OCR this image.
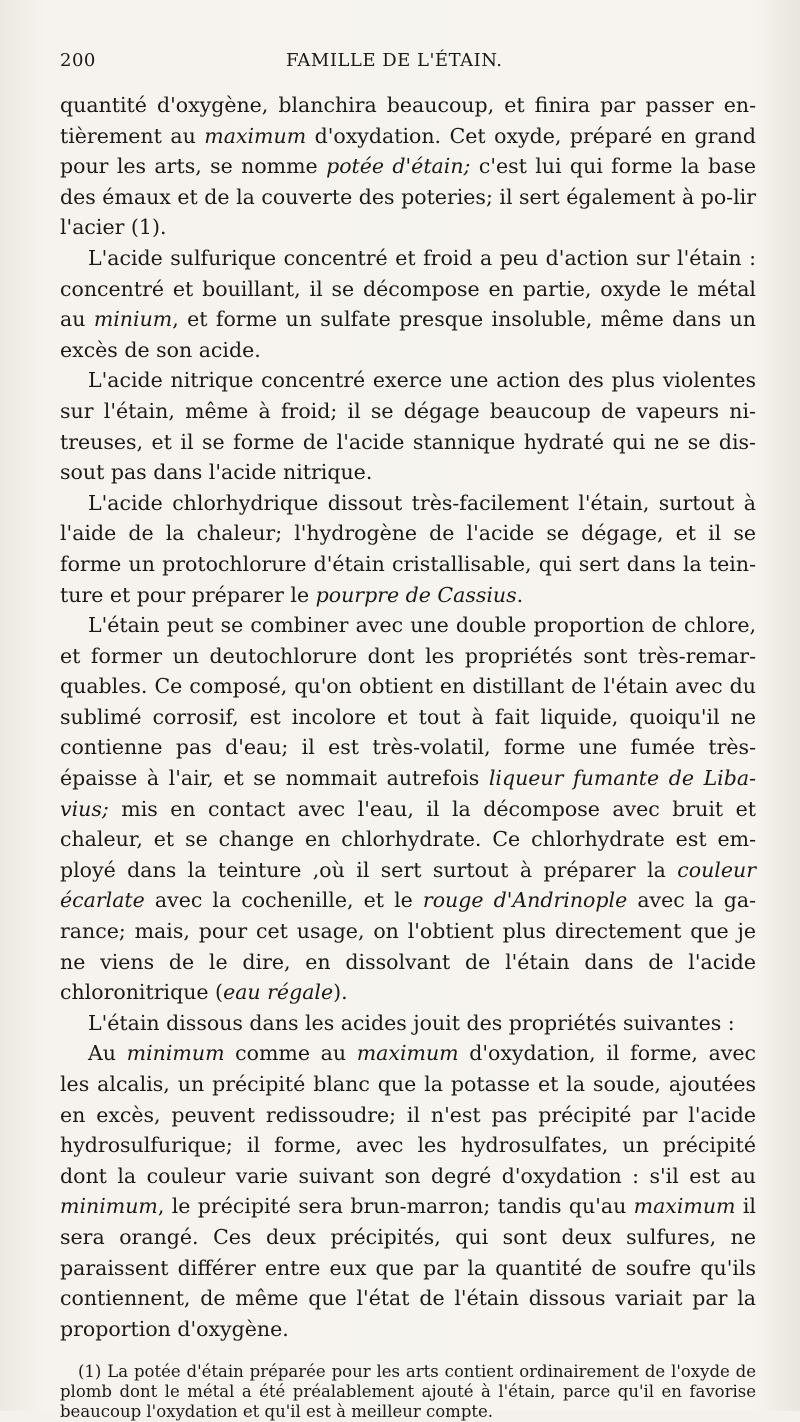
200	FAMILLE DE L'ÉTAIN.

quantité d'oxygène, blanchira beaucoup, et finira par passer en-tièrement au maximum d'oxydation. Cet oxyde, préparé en grand pour les arts, se nomme potée d'étain; c'est lui qui forme la base des émaux et de la couverte des poteries; il sert également à po-lir l'acier (1).

L'acide sulfurique concentré et froid a peu d'action sur l'étain : concentré et bouillant, il se décompose en partie, oxyde le métal au minium, et forme un sulfate presque insoluble, même dans un excès de son acide.

L'acide nitrique concentré exerce une action des plus violentes sur l'étain, même à froid; il se dégage beaucoup de vapeurs ni-treuses, et il se forme de l'acide stannique hydraté qui ne se dis-sout pas dans l'acide nitrique.

L'acide chlorhydrique dissout très-facilement l'étain, surtout à l'aide de la chaleur; l'hydrogène de l'acide se dégage, et il se forme un protochlorure d'étain cristallisable, qui sert dans la tein-ture et pour préparer le pourpre de Cassius.

L'étain peut se combiner avec une double proportion de chlore, et former un deutochlorure dont les propriétés sont très-remar-quables. Ce composé, qu'on obtient en distillant de l'étain avec du sublimé corrosif, est incolore et tout à fait liquide, quoiqu'il ne contienne pas d'eau; il est très-volatil, forme une fumée très-épaisse à l'air, et se nommait autrefois liqueur fumante de Liba-vius; mis en contact avec l'eau, il la décompose avec bruit et chaleur, et se change en chlorhydrate. Ce chlorhydrate est em-ployé dans la teinture ,où il sert surtout à préparer la couleur écarlate avec la cochenille, et le rouge d'Andrinople avec la ga-rance; mais, pour cet usage, on l'obtient plus directement que je ne viens de le dire, en dissolvant de l'étain dans de l'acide chloronitrique (eau régale).

L'étain dissous dans les acides jouit des propriétés suivantes :

Au minimum comme au maximum d'oxydation, il forme, avec les alcalis, un précipité blanc que la potasse et la soude, ajoutées en excès, peuvent redissoudre; il n'est pas précipité par l'acide hydrosulfurique; il forme, avec les hydrosulfates, un précipité dont la couleur varie suivant son degré d'oxydation : s'il est au minimum, le précipité sera brun-marron; tandis qu'au maximum il sera orangé. Ces deux précipités, qui sont deux sulfures, ne paraissent différer entre eux que par la quantité de soufre qu'ils contiennent, de même que l'état de l'étain dissous variait par la proportion d'oxygène.

(1) La potée d'étain préparée pour les arts contient ordinairement de l'oxyde de plomb dont le métal a été préalablement ajouté à l'étain, parce qu'il en favorise beaucoup l'oxydation et qu'il est à meilleur compte.
